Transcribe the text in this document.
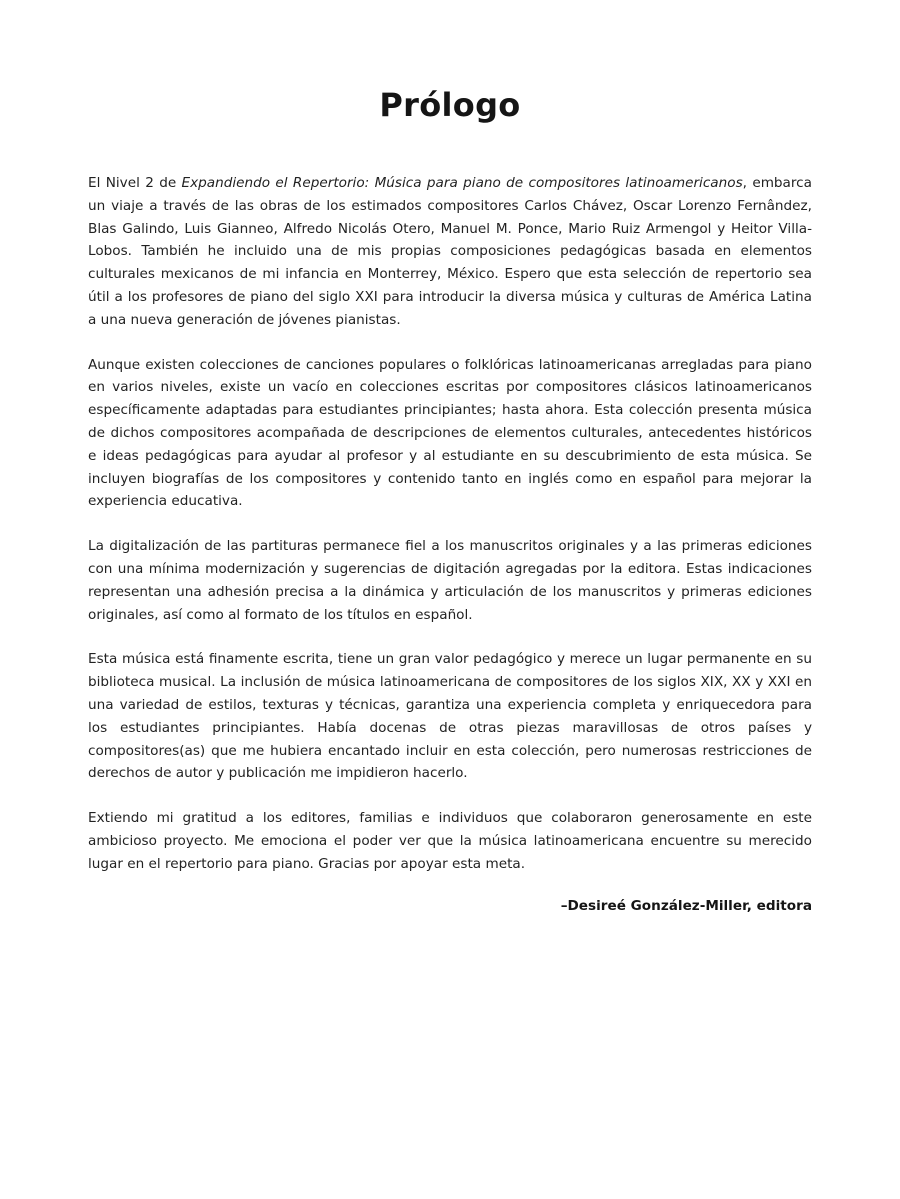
Prólogo

El Nivel 2 de Expandiendo el Repertorio: Música para piano de compositores latinoamericanos, embarca un viaje a través de las obras de los estimados compositores Carlos Chávez, Oscar Lorenzo Fernândez, Blas Galindo, Luis Gianneo, Alfredo Nicolás Otero, Manuel M. Ponce, Mario Ruiz Armengol y Heitor Villa-Lobos. También he incluido una de mis propias composiciones pedagógicas basada en elementos culturales mexicanos de mi infancia en Monterrey, México. Espero que esta selección de repertorio sea útil a los profesores de piano del siglo XXI para introducir la diversa música y culturas de América Latina a una nueva generación de jóvenes pianistas.

Aunque existen colecciones de canciones populares o folklóricas latinoamericanas arregladas para piano en varios niveles, existe un vacío en colecciones escritas por compositores clásicos latinoamericanos específicamente adaptadas para estudiantes principiantes; hasta ahora. Esta colección presenta música de dichos compositores acompañada de descripciones de elementos culturales, antecedentes históricos e ideas pedagógicas para ayudar al profesor y al estudiante en su descubrimiento de esta música. Se incluyen biografías de los compositores y contenido tanto en inglés como en español para mejorar la experiencia educativa.

La digitalización de las partituras permanece fiel a los manuscritos originales y a las primeras ediciones con una mínima modernización y sugerencias de digitación agregadas por la editora. Estas indicaciones representan una adhesión precisa a la dinámica y articulación de los manuscritos y primeras ediciones originales, así como al formato de los títulos en español.

Esta música está finamente escrita, tiene un gran valor pedagógico y merece un lugar permanente en su biblioteca musical. La inclusión de música latinoamericana de compositores de los siglos XIX, XX y XXI en una variedad de estilos, texturas y técnicas, garantiza una experiencia completa y enriquecedora para los estudiantes principiantes. Había docenas de otras piezas maravillosas de otros países y compositores(as) que me hubiera encantado incluir en esta colección, pero numerosas restricciones de derechos de autor y publicación me impidieron hacerlo.

Extiendo mi gratitud a los editores, familias e individuos que colaboraron generosamente en este ambicioso proyecto. Me emociona el poder ver que la música latinoamericana encuentre su merecido lugar en el repertorio para piano. Gracias por apoyar esta meta.

–Desireé González-Miller, editora
